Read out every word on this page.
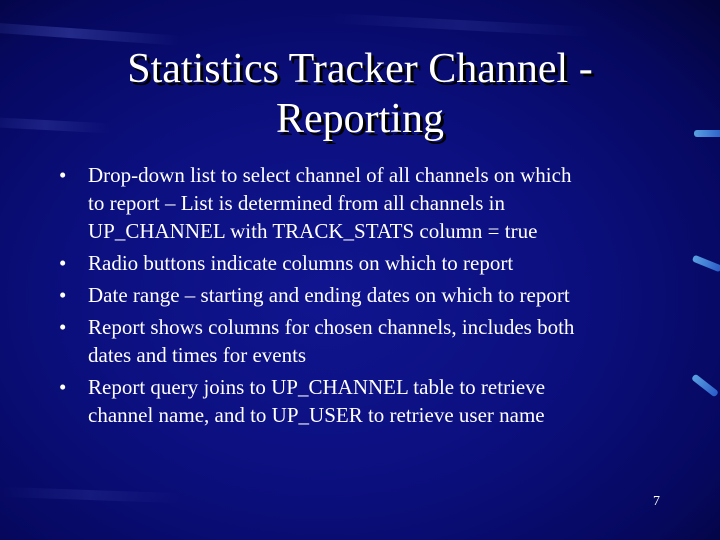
Statistics Tracker Channel -
Reporting
• Drop-down list to select channel of all channels on which
to report – List is determined from all channels in
UP_CHANNEL with TRACK_STATS column = true
• Radio buttons indicate columns on which to report
• Date range – starting and ending dates on which to report
• Report shows columns for chosen channels, includes both
dates and times for events
• Report query joins to UP_CHANNEL table to retrieve
channel name, and to UP_USER to retrieve user name
7
